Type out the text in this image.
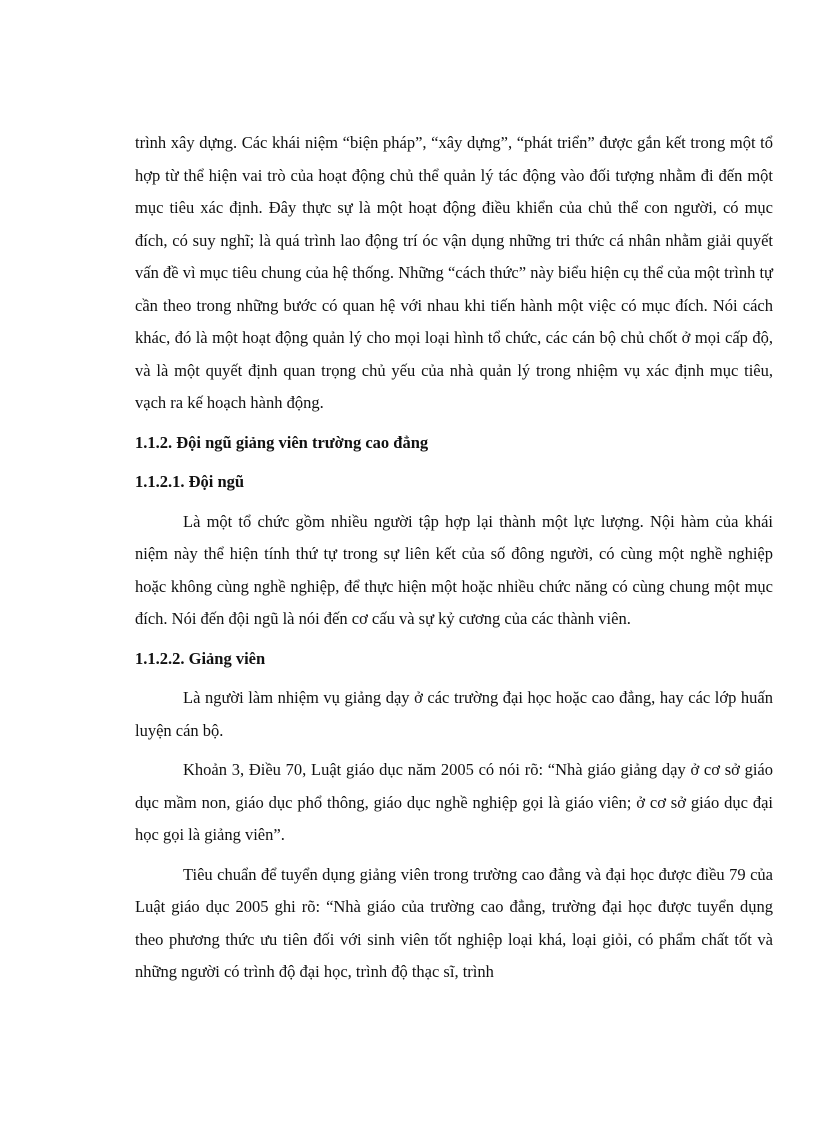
trình xây dựng. Các khái niệm “biện pháp”, “xây dựng”, “phát triển” được gắn kết trong một tổ hợp từ thể hiện vai trò của hoạt động chủ thể quản lý tác động vào đối tượng nhằm đi đến một mục tiêu xác định. Đây thực sự là một hoạt động điều khiển của chủ thể con người, có mục đích, có suy nghĩ; là quá trình lao động trí óc vận dụng những tri thức cá nhân nhằm giải quyết vấn đề vì mục tiêu chung của hệ thống. Những “cách thức” này biểu hiện cụ thể của một trình tự cần theo trong những bước có quan hệ với nhau khi tiến hành một việc có mục đích. Nói cách khác, đó là một hoạt động quản lý cho mọi loại hình tổ chức, các cán bộ chủ chốt ở mọi cấp độ, và là một quyết định quan trọng chủ yếu của nhà quản lý trong nhiệm vụ xác định mục tiêu, vạch ra kế hoạch hành động.

1.1.2. Đội ngũ giảng viên trường cao đẳng
1.1.2.1. Đội ngũ

Là một tổ chức gồm nhiều người tập hợp lại thành một lực lượng. Nội hàm của khái niệm này thể hiện tính thứ tự trong sự liên kết của số đông người, có cùng một nghề nghiệp hoặc không cùng nghề nghiệp, để thực hiện một hoặc nhiều chức năng có cùng chung một mục đích. Nói đến đội ngũ là nói đến cơ cấu và sự kỷ cương của các thành viên.

1.1.2.2. Giảng viên

Là người làm nhiệm vụ giảng dạy ở các trường đại học hoặc cao đẳng, hay các lớp huấn luyện cán bộ.

Khoản 3, Điều 70, Luật giáo dục năm 2005 có nói rõ: “Nhà giáo giảng dạy ở cơ sở giáo dục mầm non, giáo dục phổ thông, giáo dục nghề nghiệp gọi là giáo viên; ở cơ sở giáo dục đại học gọi là giảng viên”.

Tiêu chuẩn để tuyển dụng giảng viên trong trường cao đẳng và đại học được điều 79 của Luật giáo dục 2005 ghi rõ: “Nhà giáo của trường cao đẳng, trường đại học được tuyển dụng theo phương thức ưu tiên đối với sinh viên tốt nghiệp loại khá, loại giỏi, có phẩm chất tốt và những người có trình độ đại học, trình độ thạc sĩ, trình
